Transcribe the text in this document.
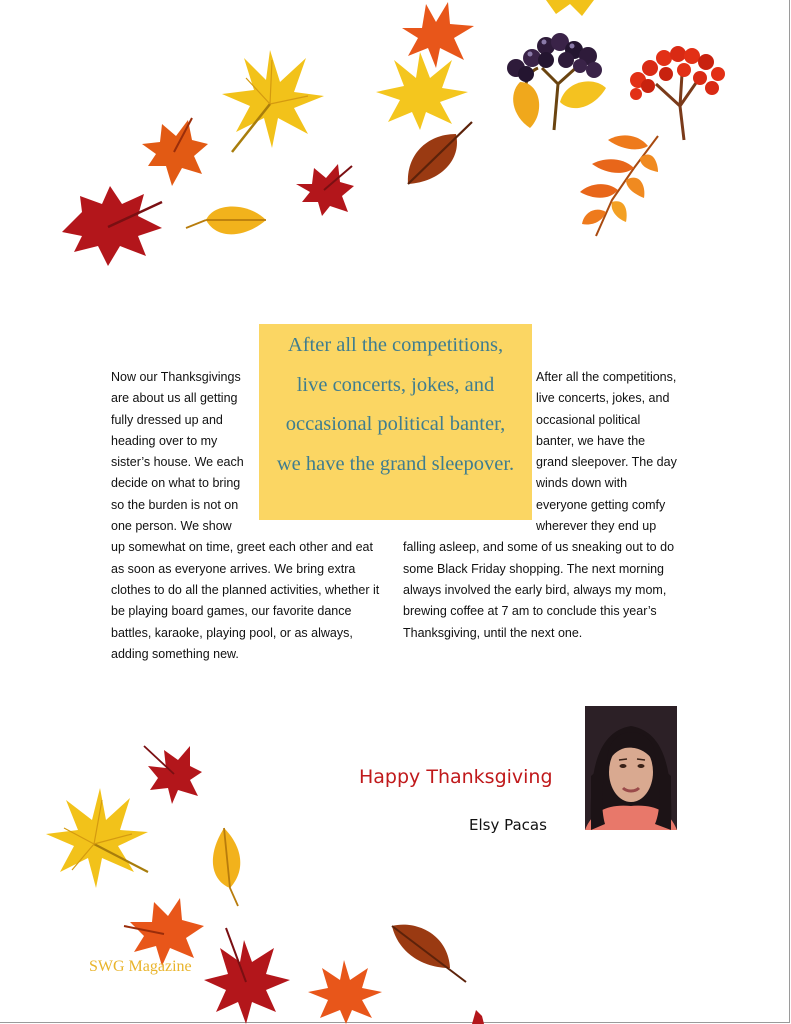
Now our Thanksgivings are about us all getting fully dressed up and heading over to my sister’s house. We each decide on what to bring so the burden is not on one person. We show up somewhat on time, greet each other and eat as soon as everyone arrives. We bring extra clothes to do all the planned activities, whether it be playing board games, our favorite dance battles, karaoke, playing pool, or as always, adding something new.
After all the competitions, live concerts, jokes, and occasional political banter, we have the grand sleepover. The day winds down with everyone getting comfy wherever they end up falling asleep, and some of us sneaking out to do some Black Friday shopping. The next morning always involved the early bird, always my mom, brewing coffee at 7 am to conclude this year’s Thanksgiving, until the next one.
After all the competitions,
live concerts, jokes, and
occasional political banter,
we have the grand sleepover.
Happy Thanksgiving
Elsy Pacas
SWG Magazine
